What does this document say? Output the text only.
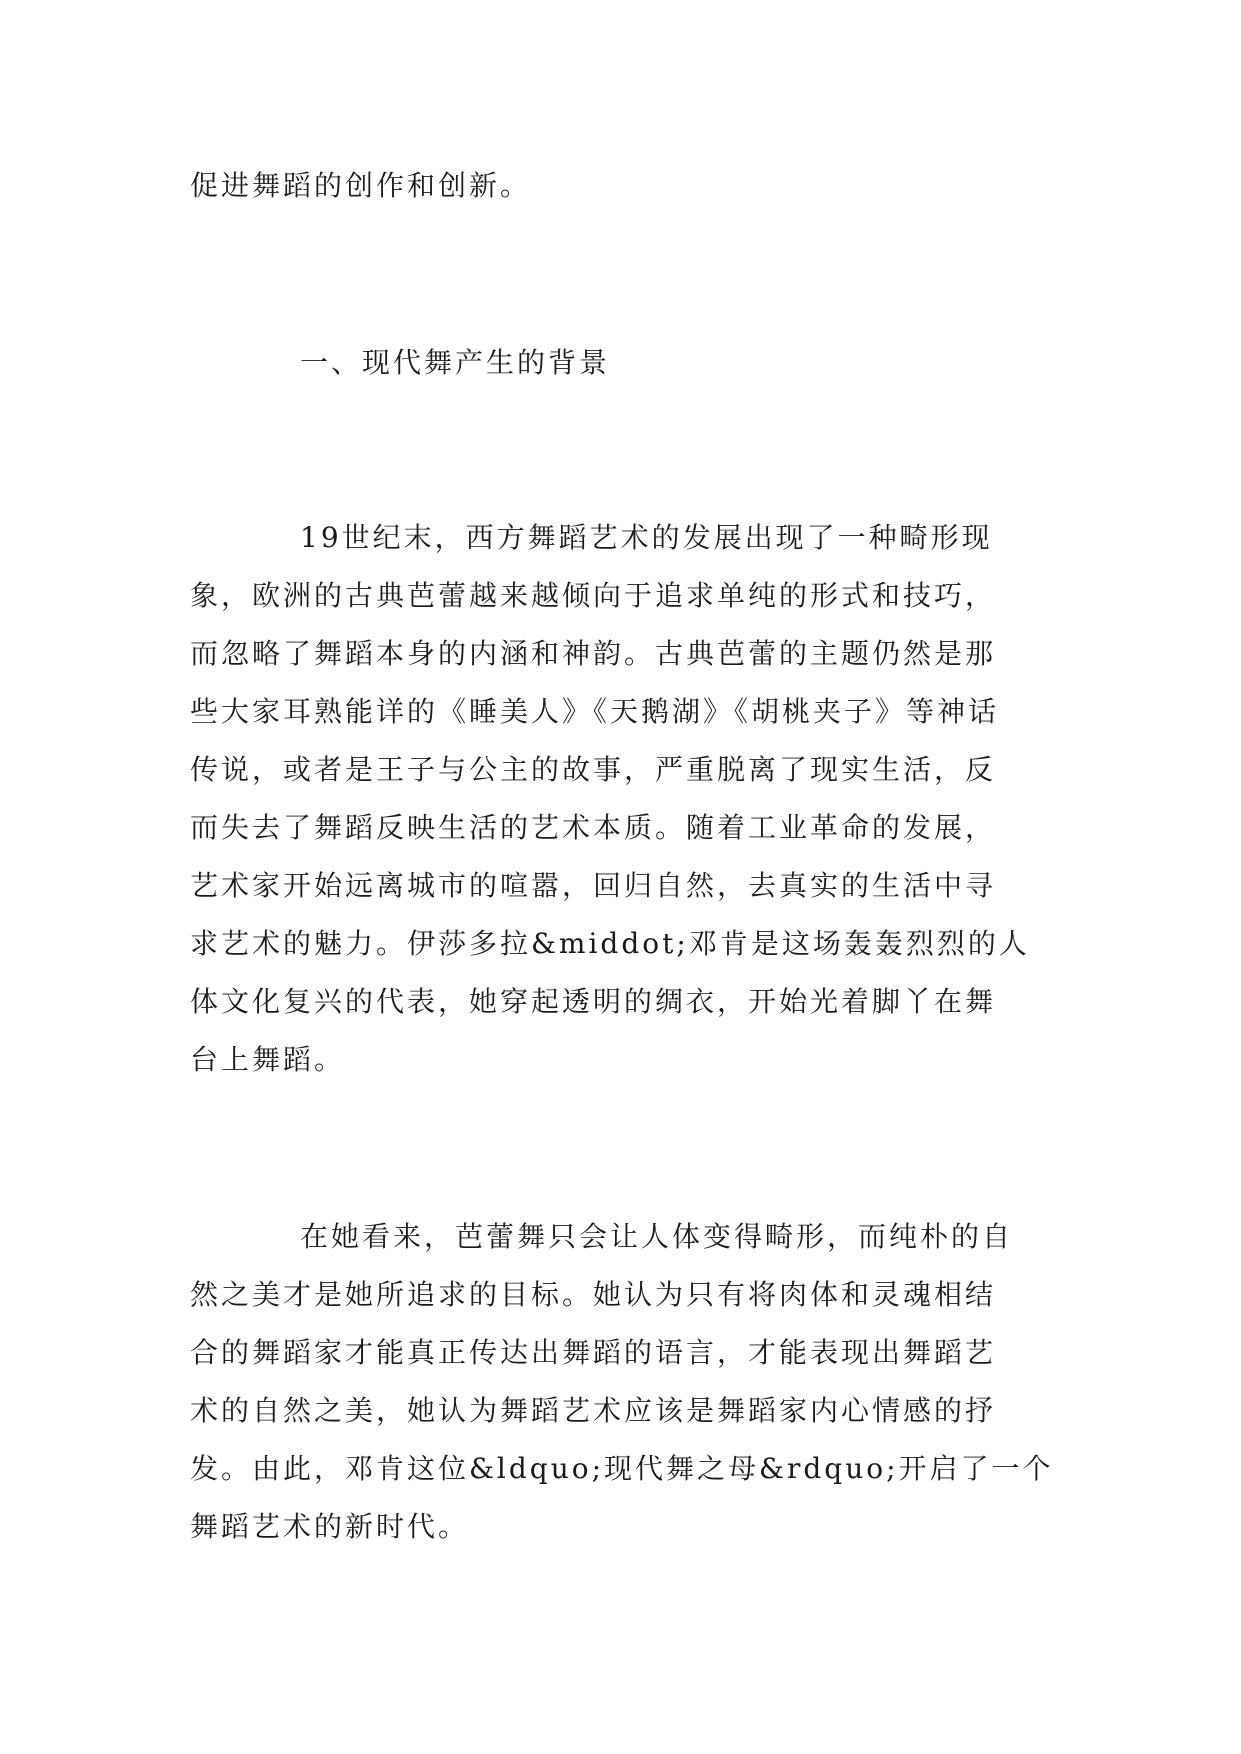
促进舞蹈的创作和创新。

一、现代舞产生的背景

19世纪末，西方舞蹈艺术的发展出现了一种畸形现
象，欧洲的古典芭蕾越来越倾向于追求单纯的形式和技巧，
而忽略了舞蹈本身的内涵和神韵。古典芭蕾的主题仍然是那
些大家耳熟能详的《睡美人》《天鹅湖》《胡桃夹子》等神话
传说，或者是王子与公主的故事，严重脱离了现实生活，反
而失去了舞蹈反映生活的艺术本质。随着工业革命的发展，
艺术家开始远离城市的喧嚣，回归自然，去真实的生活中寻
求艺术的魅力。伊莎多拉&middot;邓肯是这场轰轰烈烈的人
体文化复兴的代表，她穿起透明的绸衣，开始光着脚丫在舞
台上舞蹈。

在她看来，芭蕾舞只会让人体变得畸形，而纯朴的自
然之美才是她所追求的目标。她认为只有将肉体和灵魂相结
合的舞蹈家才能真正传达出舞蹈的语言，才能表现出舞蹈艺
术的自然之美，她认为舞蹈艺术应该是舞蹈家内心情感的抒
发。由此，邓肯这位&ldquo;现代舞之母&rdquo;开启了一个
舞蹈艺术的新时代。
